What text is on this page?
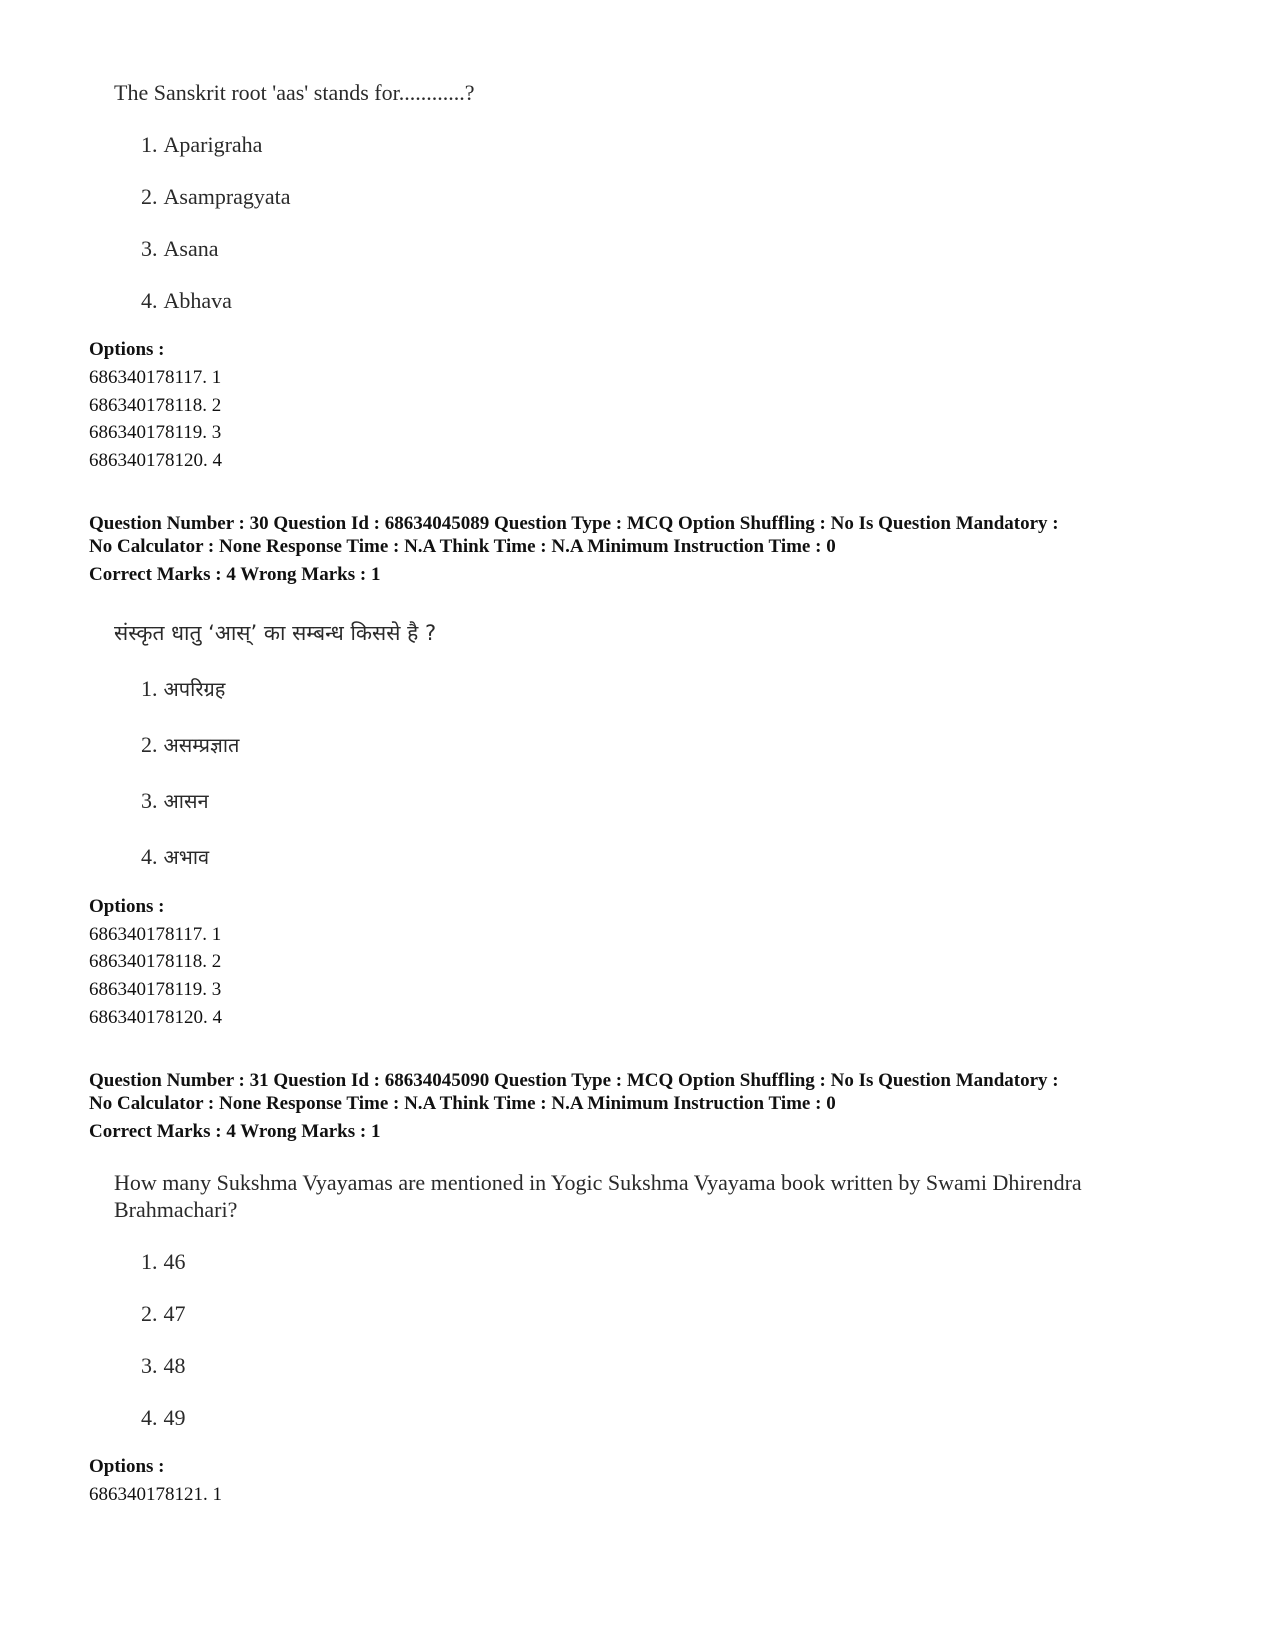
The Sanskrit root 'aas' stands for............?
1. Aparigraha
2. Asampragyata
3. Asana
4. Abhava
Options :
686340178117. 1
686340178118. 2
686340178119. 3
686340178120. 4
Question Number : 30 Question Id : 68634045089 Question Type : MCQ Option Shuffling : No Is Question Mandatory :
No Calculator : None Response Time : N.A Think Time : N.A Minimum Instruction Time : 0
Correct Marks : 4 Wrong Marks : 1
संस्कृत धातु ‘आस्’ का सम्बन्ध किससे है ?
1. अपरिग्रह
2. असम्प्रज्ञात
3. आसन
4. अभाव
Options :
686340178117. 1
686340178118. 2
686340178119. 3
686340178120. 4
Question Number : 31 Question Id : 68634045090 Question Type : MCQ Option Shuffling : No Is Question Mandatory :
No Calculator : None Response Time : N.A Think Time : N.A Minimum Instruction Time : 0
Correct Marks : 4 Wrong Marks : 1
How many Sukshma Vyayamas are mentioned in Yogic Sukshma Vyayama book written by Swami Dhirendra
Brahmachari?
1. 46
2. 47
3. 48
4. 49
Options :
686340178121. 1
